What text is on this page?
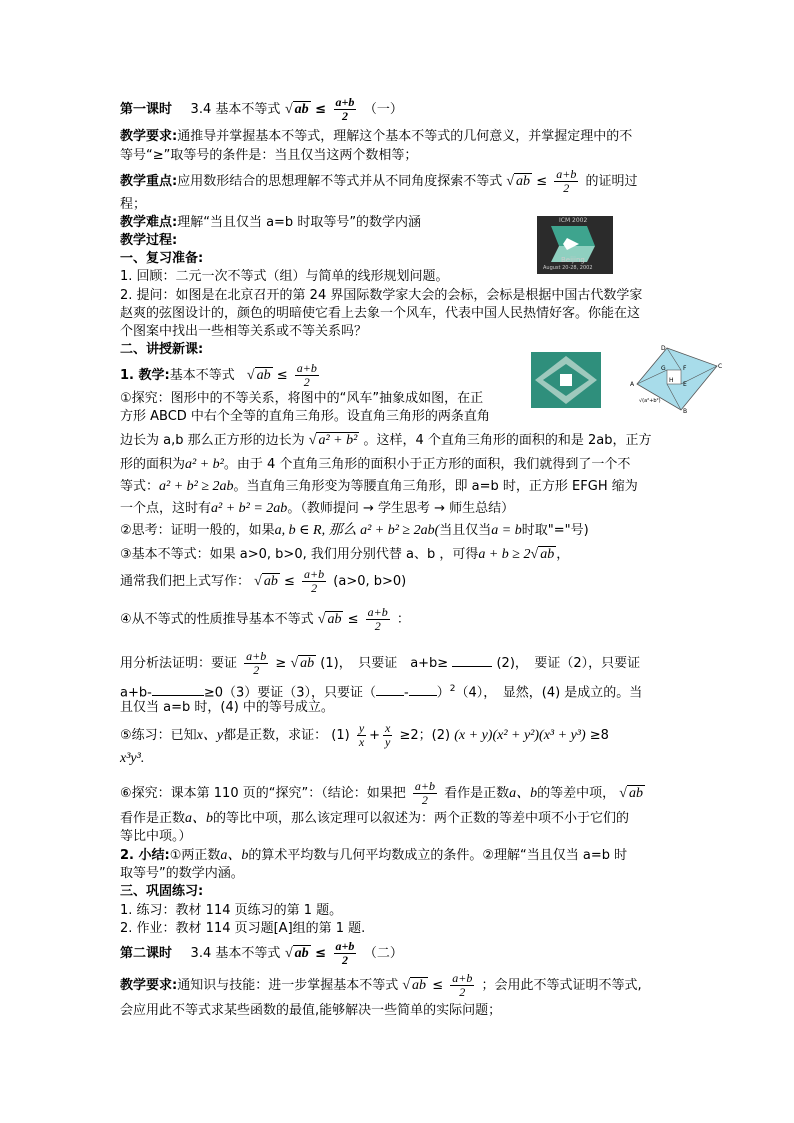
第一课时 3.4 基本不等式 √ ab ≤ $\frac{a+b}{2}$ （一）
教学要求:通推导并掌握基本不等式，理解这个基本不等式的几何意义，并掌握定理中的不
等号“≥”取等号的条件是：当且仅当这两个数相等；
教学重点:应用数形结合的思想理解不等式并从不同角度探索不等式 √ ab ≤ $\frac{a+b}{2}$ 的证明过
程；
教学难点:理解“当且仅当 a=b 时取等号”的数学内涵
教学过程:
一、复习准备:
1. 回顾：二元一次不等式（组）与简单的线形规划问题。
2. 提问：如图是在北京召开的第 24 界国际数学家大会的会标，会标是根据中国古代数学家
赵爽的弦图设计的，颜色的明暗使它看上去象一个风车，代表中国人民热情好客。你能在这
个图案中找出一些相等关系或不等关系吗？
二、讲授新课:
ICM 2002
Beijing
August 20-28, 2002
1. 教学:基本不等式 √ ab ≤ $\frac{a+b}{2}$
D
G	F	C
H
E
A
B
√(a²+b²)
①探究：图形中的不等关系，将图中的“风车”抽象成如图，在正
方形 ABCD 中右个全等的直角三角形。设直角三角形的两条直角
边长为 a,b 那么正方形的边长为 √ a² + b² 。这样，4 个直角三角形的面积的和是 2ab，正方
形的面积为a² + b²。由于 4 个直角三角形的面积小于正方形的面积，我们就得到了一个不
等式：a² + b² ≥ 2ab。当直角三角形变为等腰直角三角形，即 a=b 时，正方形 EFGH 缩为
一个点，这时有a² + b² = 2ab。（教师提问 → 学生思考 → 师生总结）
②思考：证明一般的，如果a, b ∈ R, 那么 a² + b² ≥ 2ab(当且仅当a = b时取"="号)
③基本不等式：如果 a>0, b>0, 我们用分别代替 a、b ，可得a + b ≥ 2√ ab ，
通常我们把上式写作： √ ab ≤ $\frac{a+b}{2} (a>0$, b>0)
④从不等式的性质推导基本不等式 √ ab ≤ $\frac{a+b}{2}$ ：
用分析法证明：要证 $\frac{a+b}{2}$ ≥ √ ab (1)，　只要证　a+b≥	(2)，　要证（2），只要证
a+b-	≥0（3）要证（3），只要证（ - ）$^2$（4），　显然，(4) 是成立的。当
且仅当 a=b 时，(4) 中的等号成立。
⑤练习：已知x、y都是正数，求证： $(1) \frac{y}{x} + \frac{x}{y} \ge 2$；(2) (x + y)(x² + y²)(x³ + y³) ≥8
x³y³.
⑥探究：课本第 110 页的“探究”：（结论：如果把 $\frac{a+b}{2}$ 看作是正数a、b的等差中项， √ ab
看作是正数a、b的等比中项，那么该定理可以叙述为：两个正数的等差中项不小于它们的
等比中项。）
2. 小结:①两正数a、b的算术平均数与几何平均数成立的条件。②理解“当且仅当 a=b 时
取等号”的数学内涵。
三、巩固练习:
1. 练习：教材 114 页练习的第 1 题。
2. 作业：教材 114 页习题[A]组的第 1 题.
第二课时 3.4 基本不等式 √ ab ≤ $\frac{a+b}{2}$ （二）
教学要求:通知识与技能：进一步掌握基本不等式 √ ab ≤ $\frac{a+b}{2}$ ；会用此不等式证明不等式,
会应用此不等式求某些函数的最值,能够解决一些简单的实际问题；
